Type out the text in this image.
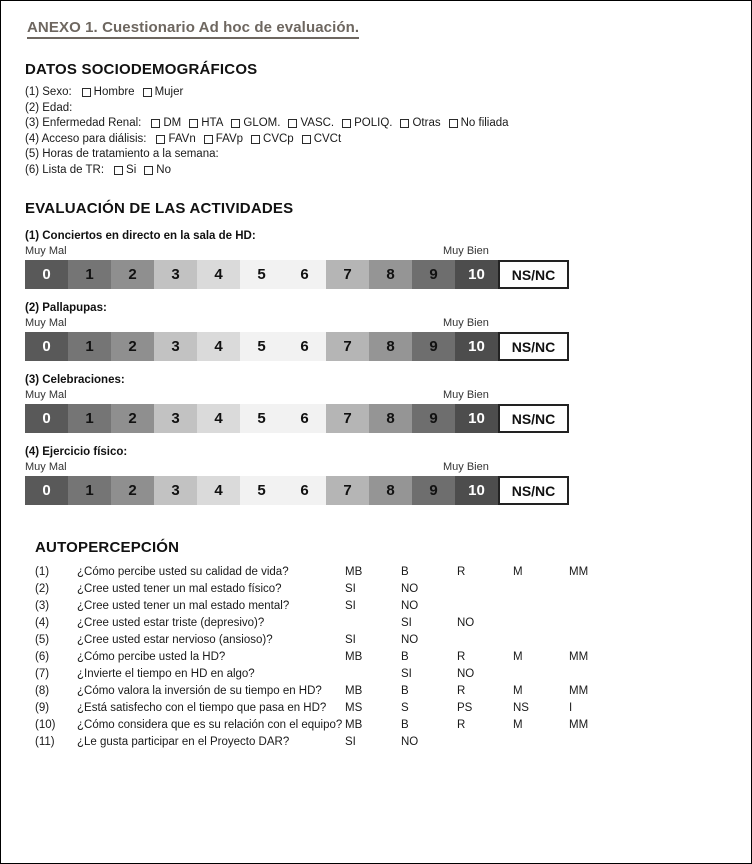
ANEXO 1. Cuestionario Ad hoc de evaluación.
DATOS SOCIODEMOGRÁFICOS
(1) Sexo: Hombre Mujer
(2) Edad:
(3) Enfermedad Renal: DM HTA GLOM. VASC. POLIQ. Otras No filiada
(4) Acceso para diálisis: FAVn FAVp CVCp CVCt
(5) Horas de tratamiento a la semana:
(6) Lista de TR: Si No
EVALUACIÓN DE LAS ACTIVIDADES
(1) Conciertos en directo en la sala de HD:
Muy Mal	Muy Bien
0	1	2	3	4	5	6	7	8	9	10	NS/NC
(2) Pallapupas:
Muy Mal	Muy Bien
0	1	2	3	4	5	6	7	8	9	10	NS/NC
(3) Celebraciones:
Muy Mal	Muy Bien
0	1	2	3	4	5	6	7	8	9	10	NS/NC
(4) Ejercicio físico:
Muy Mal	Muy Bien
0	1	2	3	4	5	6	7	8	9	10	NS/NC
AUTOPERCEPCIÓN
(1)	¿Cómo percibe usted su calidad de vida?	MB	B	R	M	MM
(2)	¿Cree usted tener un mal estado físico?	SI	NO			
(3)	¿Cree usted tener un mal estado mental?	SI	NO			
(4)	¿Cree usted estar triste (depresivo)?		SI	NO		
(5)	¿Cree usted estar nervioso (ansioso)?	SI	NO			
(6)	¿Cómo percibe usted la HD?	MB	B	R	M	MM
(7)	¿Invierte el tiempo en HD en algo?		SI	NO		
(8)	¿Cómo valora la inversión de su tiempo en HD?	MB	B	R	M	MM
(9)	¿Está satisfecho con el tiempo que pasa en HD?	MS	S	PS	NS	I
(10)	¿Cómo considera que es su relación con el equipo?	MB	B	R	M	MM
(11)	¿Le gusta participar en el Proyecto DAR?	SI	NO			
